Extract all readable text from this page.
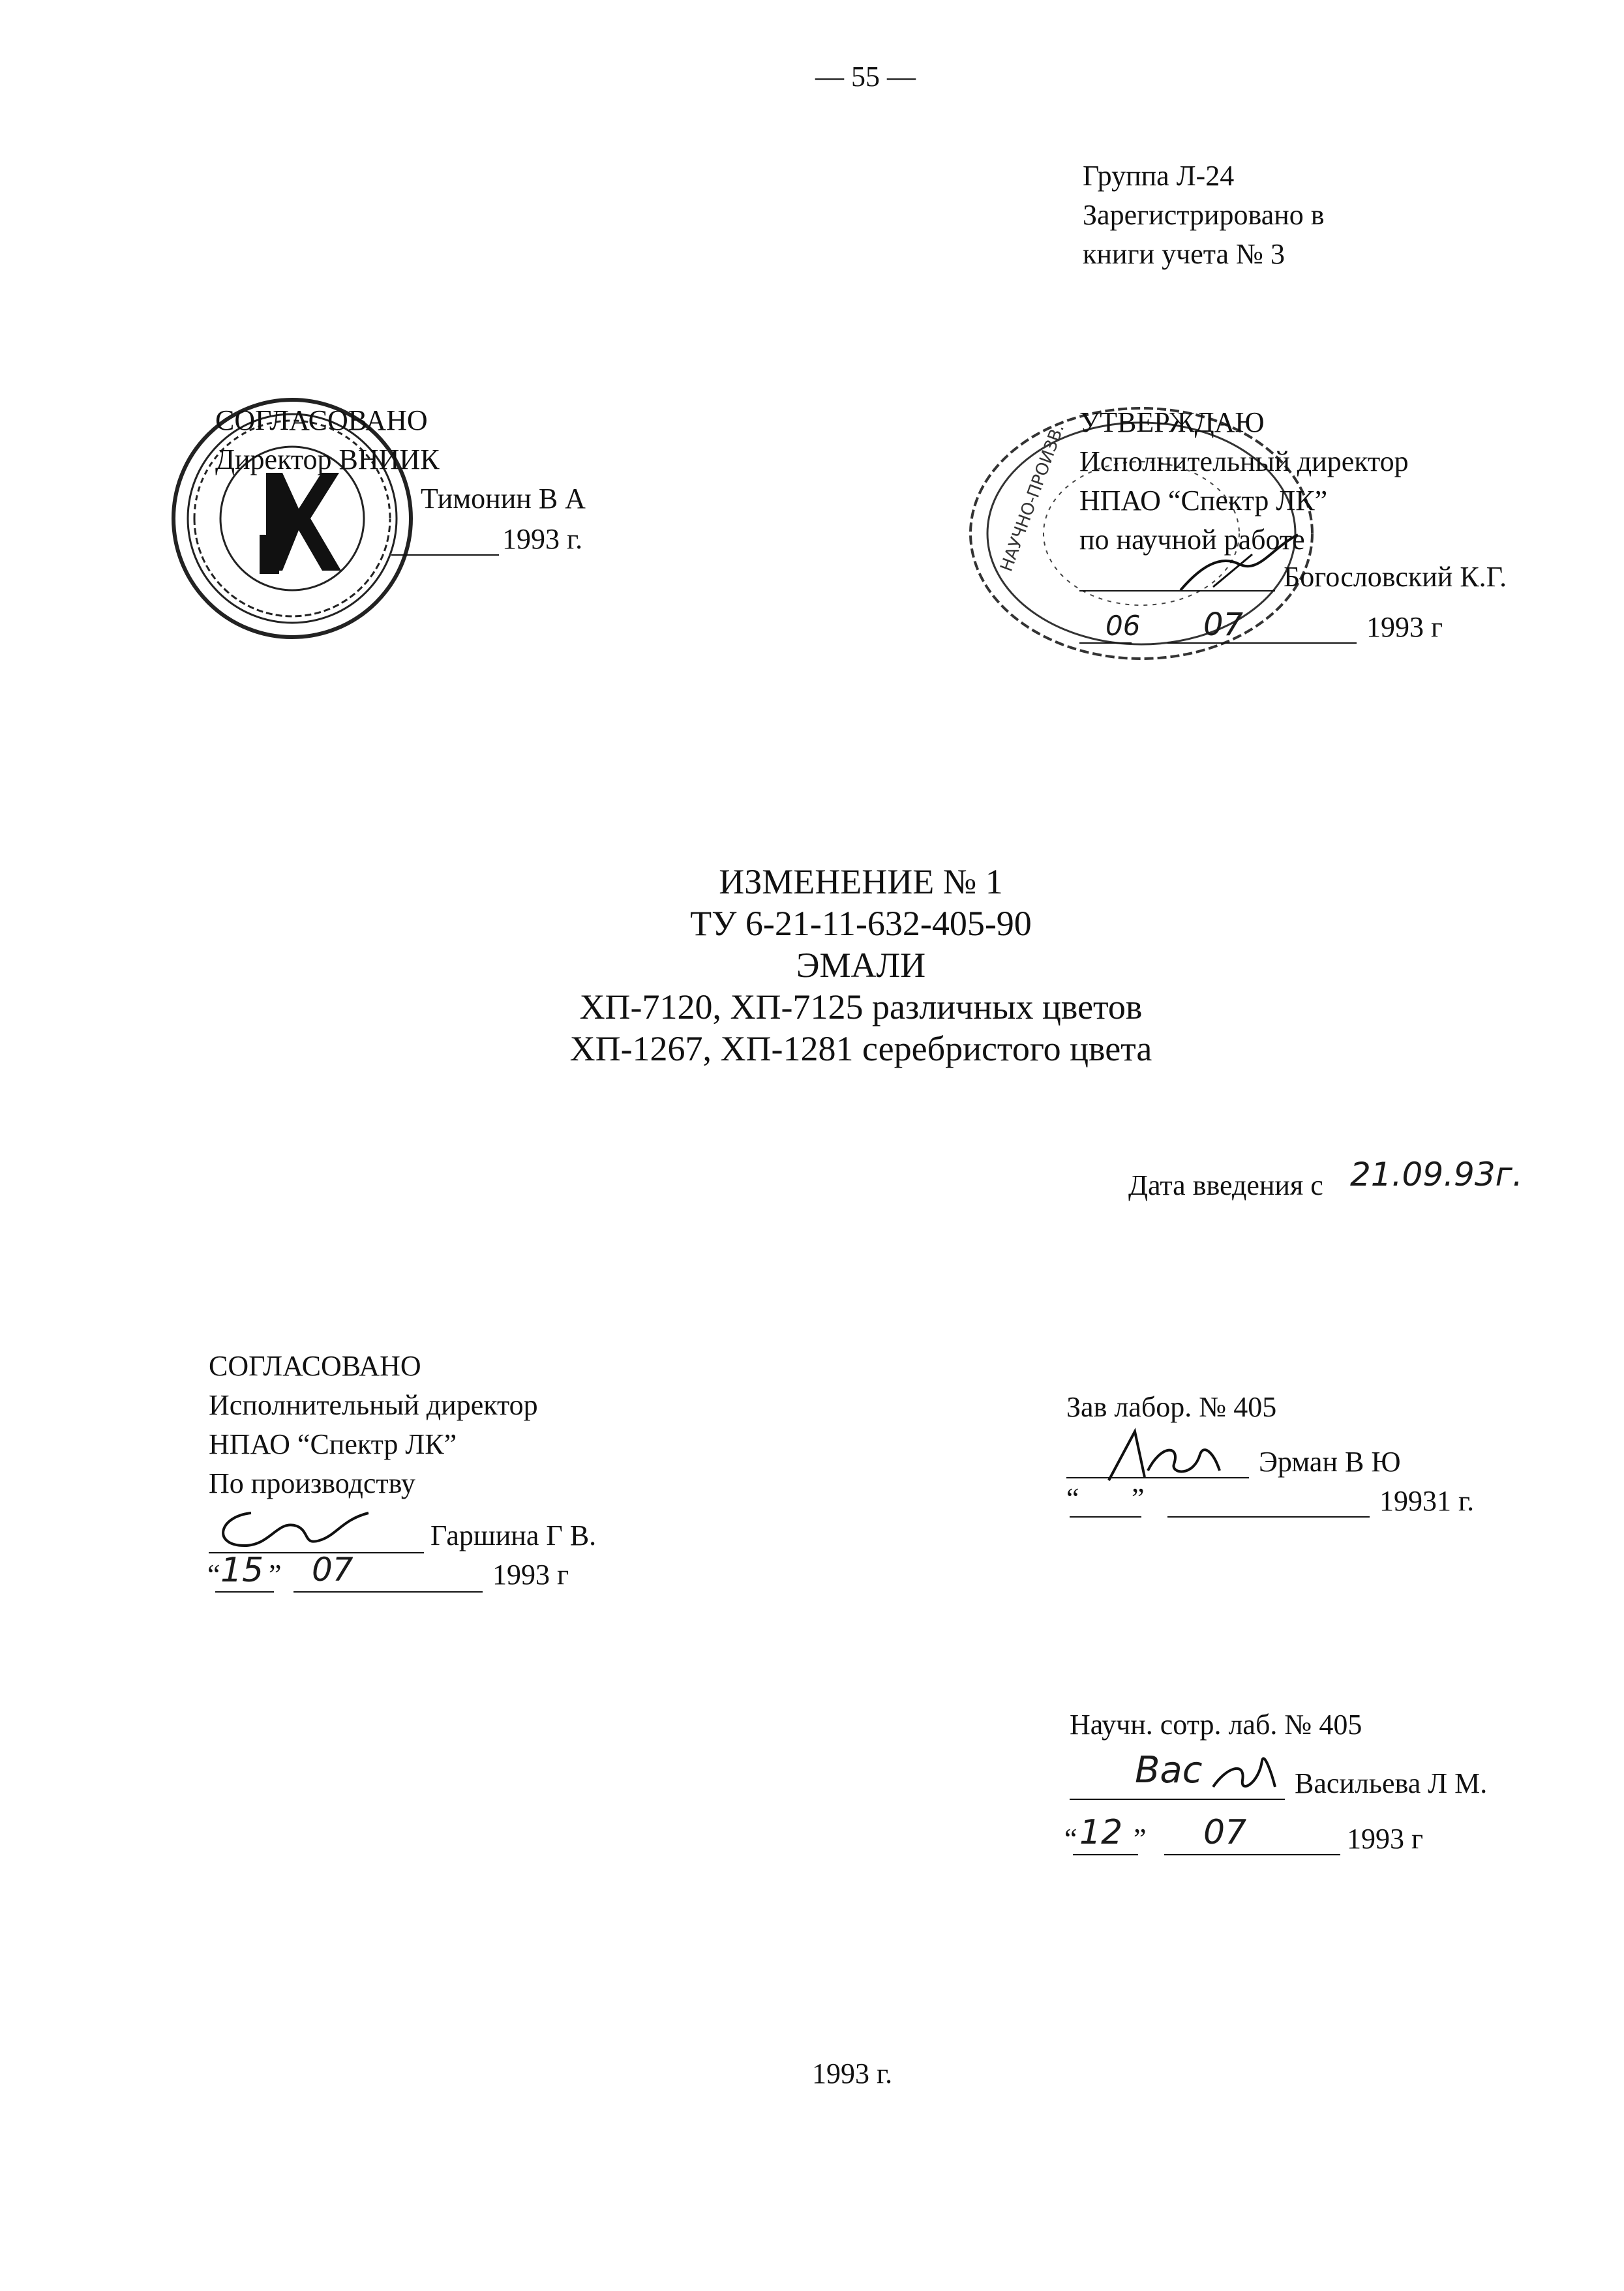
— 55 —
Группа Л-24
Зарегистрировано в
книги учета № 3
СОГЛАСОВАНО
Директор ВНИИК
Тимонин В А
1993 г.	НАУЧНО-ПРОИЗВ. УТВЕРЖДАЮ
Исполнительный директор
НПАО “Спектр ЛК”
по научной работе
Богословский К.Г.
06 07	1993 г
ИЗМЕНЕНИЕ № 1
ТУ 6-21-11-632-405-90
ЭМАЛИ
ХП-7120, ХП-7125 различных цветов
ХП-1267, ХП-1281 серебристого цвета
Дата введения с 21.09.93г.
СОГЛАСОВАНО
Исполнительный директор
НПАО “Спектр ЛК”
По производству
Гаршина Г В.
“ 15 ” 07	1993 г
Зав лабор. № 405
Эрман В Ю
“ ”	19931 г.
Научн. сотр. лаб. № 405
Вас	Васильева Л М.
“ 12 ” 07	1993 г
1993 г.
